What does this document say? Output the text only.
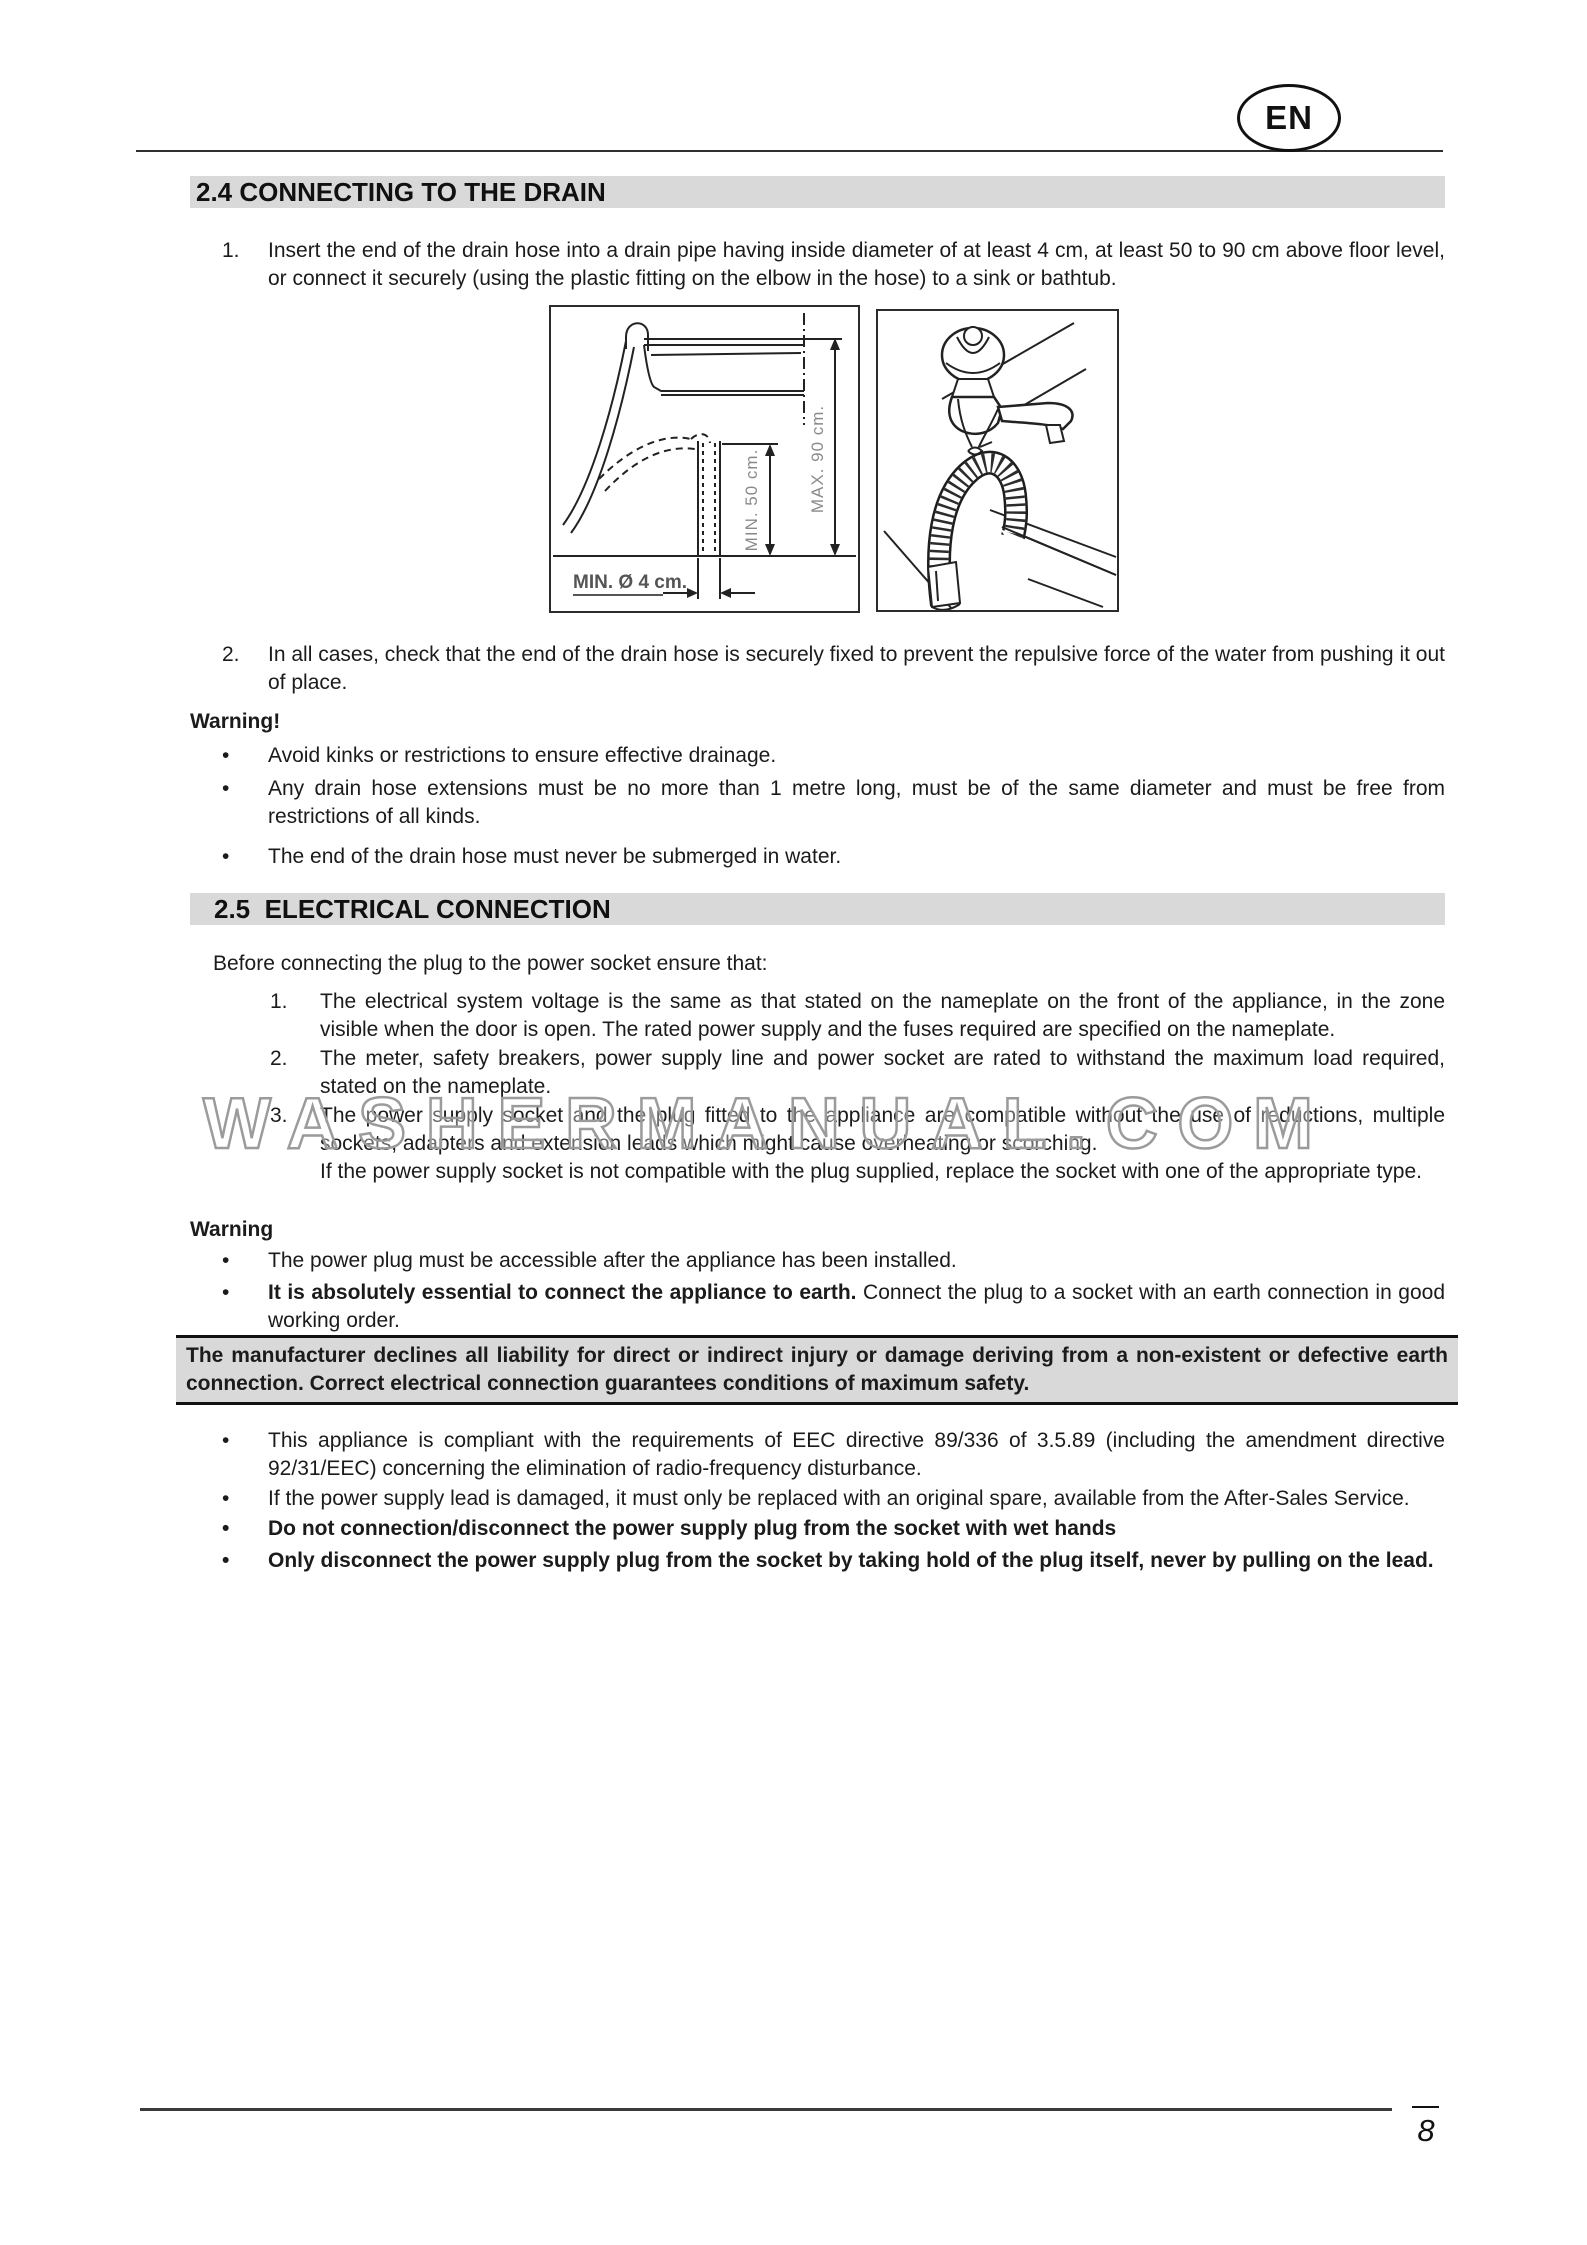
EN
2.4 CONNECTING TO THE DRAIN
1. Insert the end of the drain hose into a drain pipe having inside diameter of at least 4 cm, at least 50 to 90 cm above floor level, or connect it securely (using the plastic fitting on the elbow in the hose) to a sink or bathtub.
MIN. 50 cm.	MAX. 90 cm.
MIN. Ø 4 cm.
2. In all cases, check that the end of the drain hose is securely fixed to prevent the repulsive force of the water from pushing it out of place.
Warning!
• Avoid kinks or restrictions to ensure effective drainage.
• Any drain hose extensions must be no more than 1 metre long, must be of the same diameter and must be free from restrictions of all kinds.
• The end of the drain hose must never be submerged in water.
2.5  ELECTRICAL CONNECTION
Before connecting the plug to the power socket ensure that:
1. The electrical system voltage is the same as that stated on the nameplate on the front of the appliance, in the zone visible when the door is open. The rated power supply and the fuses required are specified on the nameplate.
2. The meter, safety breakers, power supply line and power socket are rated to withstand the maximum load required, stated on the nameplate.
3. The power supply socket and the plug fitted to the appliance are compatible without the use of reductions, multiple sockets, adapters and extension leads which might cause overheating or scorching.
If the power supply socket is not compatible with the plug supplied, replace the socket with one of the appropriate type.
Warning
• The power plug must be accessible after the appliance has been installed.
• It is absolutely essential to connect the appliance to earth. Connect the plug to a socket with an earth connection in good working order.
The manufacturer declines all liability for direct or indirect injury or damage deriving from a non-existent or defective earth connection. Correct electrical connection guarantees conditions of maximum safety.
• This appliance is compliant with the requirements of EEC directive 89/336 of 3.5.89 (including the amendment directive 92/31/EEC) concerning the elimination of radio-frequency disturbance.
• If the power supply lead is damaged, it must only be replaced with an original spare, available from the After-Sales Service.
• Do not connection/disconnect the power supply plug from the socket with wet hands
• Only disconnect the power supply plug from the socket by taking hold of the plug itself, never by pulling on the lead.
WASHERMANUAL.COM
8
